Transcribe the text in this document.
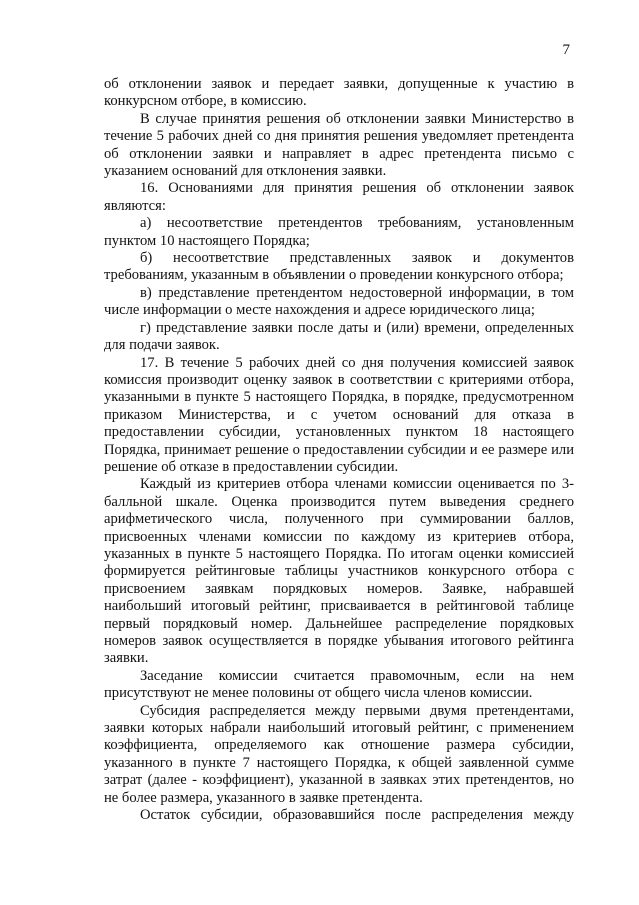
7

об отклонении заявок и передает заявки, допущенные к участию в конкурсном отборе, в комиссию.

В случае принятия решения об отклонении заявки Министерство в течение 5 рабочих дней со дня принятия решения уведомляет претендента об отклонении заявки и направляет в адрес претендента письмо с указанием оснований для отклонения заявки.

16. Основаниями для принятия решения об отклонении заявок являются:

а) несоответствие претендентов требованиям, установленным пунктом 10 настоящего Порядка;

б) несоответствие представленных заявок и документов требованиям, указанным в объявлении о проведении конкурсного отбора;

в) представление претендентом недостоверной информации, в том числе информации о месте нахождения и адресе юридического лица;

г) представление заявки после даты и (или) времени, определенных для подачи заявок.

17. В течение 5 рабочих дней со дня получения комиссией заявок комиссия производит оценку заявок в соответствии с критериями отбора, указанными в пункте 5 настоящего Порядка, в порядке, предусмотренном приказом Министерства, и с учетом оснований для отказа в предоставлении субсидии, установленных пунктом 18 настоящего Порядка, принимает решение о предоставлении субсидии и ее размере или решение об отказе в предоставлении субсидии.

Каждый из критериев отбора членами комиссии оценивается по 3-балльной шкале. Оценка производится путем выведения среднего арифметического числа, полученного при суммировании баллов, присвоенных членами комиссии по каждому из критериев отбора, указанных в пункте 5 настоящего Порядка. По итогам оценки комиссией формируется рейтинговые таблицы участников конкурсного отбора с присвоением заявкам порядковых номеров. Заявке, набравшей наибольший итоговый рейтинг, присваивается в рейтинговой таблице первый порядковый номер. Дальнейшее распределение порядковых номеров заявок осуществляется в порядке убывания итогового рейтинга заявки.

Заседание комиссии считается правомочным, если на нем присутствуют не менее половины от общего числа членов комиссии.

Субсидия распределяется между первыми двумя претендентами, заявки которых набрали наибольший итоговый рейтинг, с применением коэффициента, определяемого как отношение размера субсидии, указанного в пункте 7 настоящего Порядка, к общей заявленной сумме затрат (далее - коэффициент), указанной в заявках этих претендентов, но не более размера, указанного в заявке претендента.

Остаток субсидии, образовавшийся после распределения между
